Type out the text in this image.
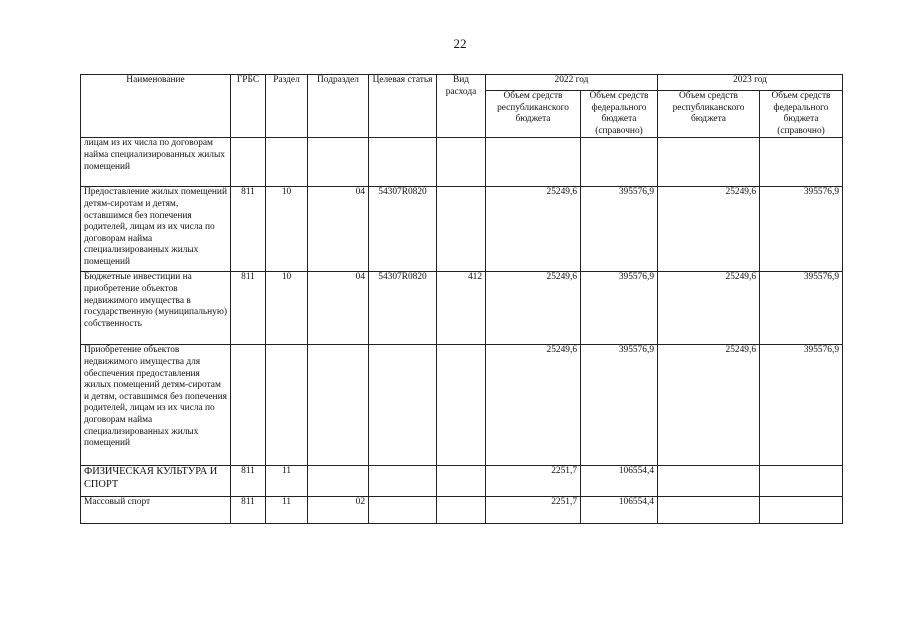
22
Наименование	ГРБС	Раздел	Подраздел	Целевая статья	Вид расхода	2022 год		2023 год	
						Объем средств республиканского бюджета	Объем средств федерального бюджета (справочно)	Объем средств республиканского бюджета	Объем средств федерального бюджета (справочно)
лицам из их числа по договорам найма специализированных жилых помещений									
Предоставление жилых помещений детям-сиротам и детям, оставшимся без попечения родителей, лицам из их числа по договорам найма специализированных жилых помещений	811	10	04	54307R0820		25249,6	395576,9	25249,6	395576,9
Бюджетные инвестиции на приобретение объектов недвижимого имущества в государственную (муниципальную) собственность	811	10	04	54307R0820	412	25249,6	395576,9	25249,6	395576,9
Приобретение объектов недвижимого имущества для обеспечения предоставления жилых помещений детям-сиротам и детям, оставшимся без попечения родителей, лицам из их числа по договорам найма специализированных жилых помещений						25249,6	395576,9	25249,6	395576,9
ФИЗИЧЕСКАЯ КУЛЬТУРА И СПОРТ	811	11				2251,7	106554,4		
Массовый спорт	811	11	02			2251,7	106554,4		
